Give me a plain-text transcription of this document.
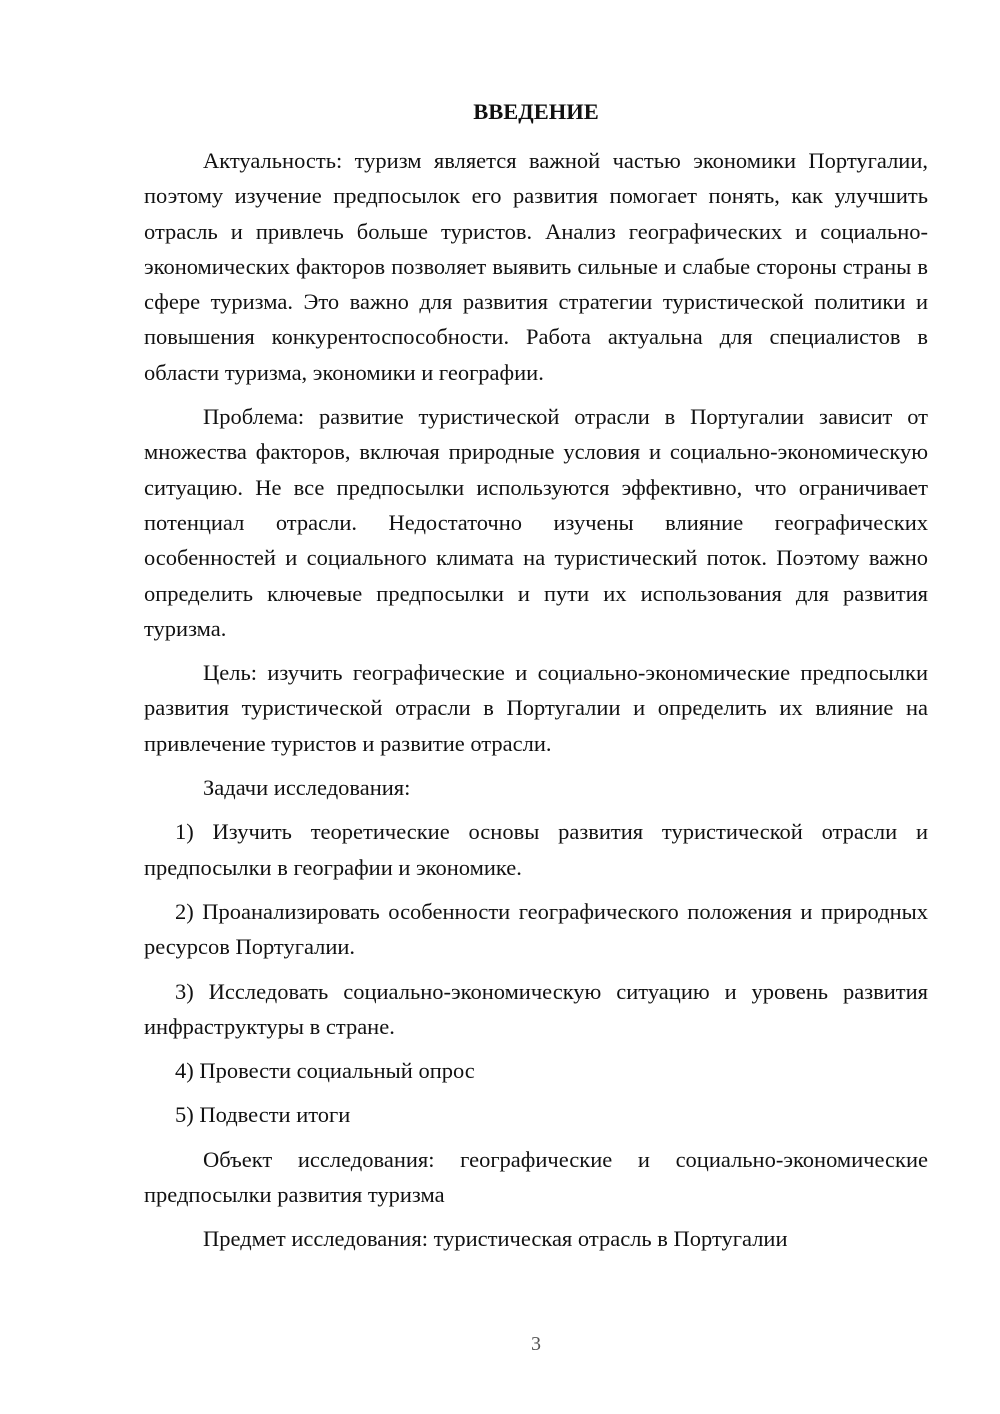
ВВЕДЕНИЕ

Актуальность: туризм является важной частью экономики Португалии, поэтому изучение предпосылок его развития помогает понять, как улучшить отрасль и привлечь больше туристов. Анализ географических и социально-экономических факторов позволяет выявить сильные и слабые стороны страны в сфере туризма. Это важно для развития стратегии туристической политики и повышения конкурентоспособности. Работа актуальна для специалистов в области туризма, экономики и географии.

Проблема: развитие туристической отрасли в Португалии зависит от множества факторов, включая природные условия и социально-экономическую ситуацию. Не все предпосылки используются эффективно, что ограничивает потенциал отрасли. Недостаточно изучены влияние географических особенностей и социального климата на туристический поток. Поэтому важно определить ключевые предпосылки и пути их использования для развития туризма.

Цель: изучить географические и социально-экономические предпосылки развития туристической отрасли в Португалии и определить их влияние на привлечение туристов и развитие отрасли.

Задачи исследования:

1) Изучить теоретические основы развития туристической отрасли и предпосылки в географии и экономике.

2) Проанализировать особенности географического положения и природных ресурсов Португалии.

3) Исследовать социально-экономическую ситуацию и уровень развития инфраструктуры в стране.

4) Провести социальный опрос

5) Подвести итоги

Объект исследования: географические и социально-экономические предпосылки развития туризма

Предмет исследования: туристическая отрасль в Португалии

3
